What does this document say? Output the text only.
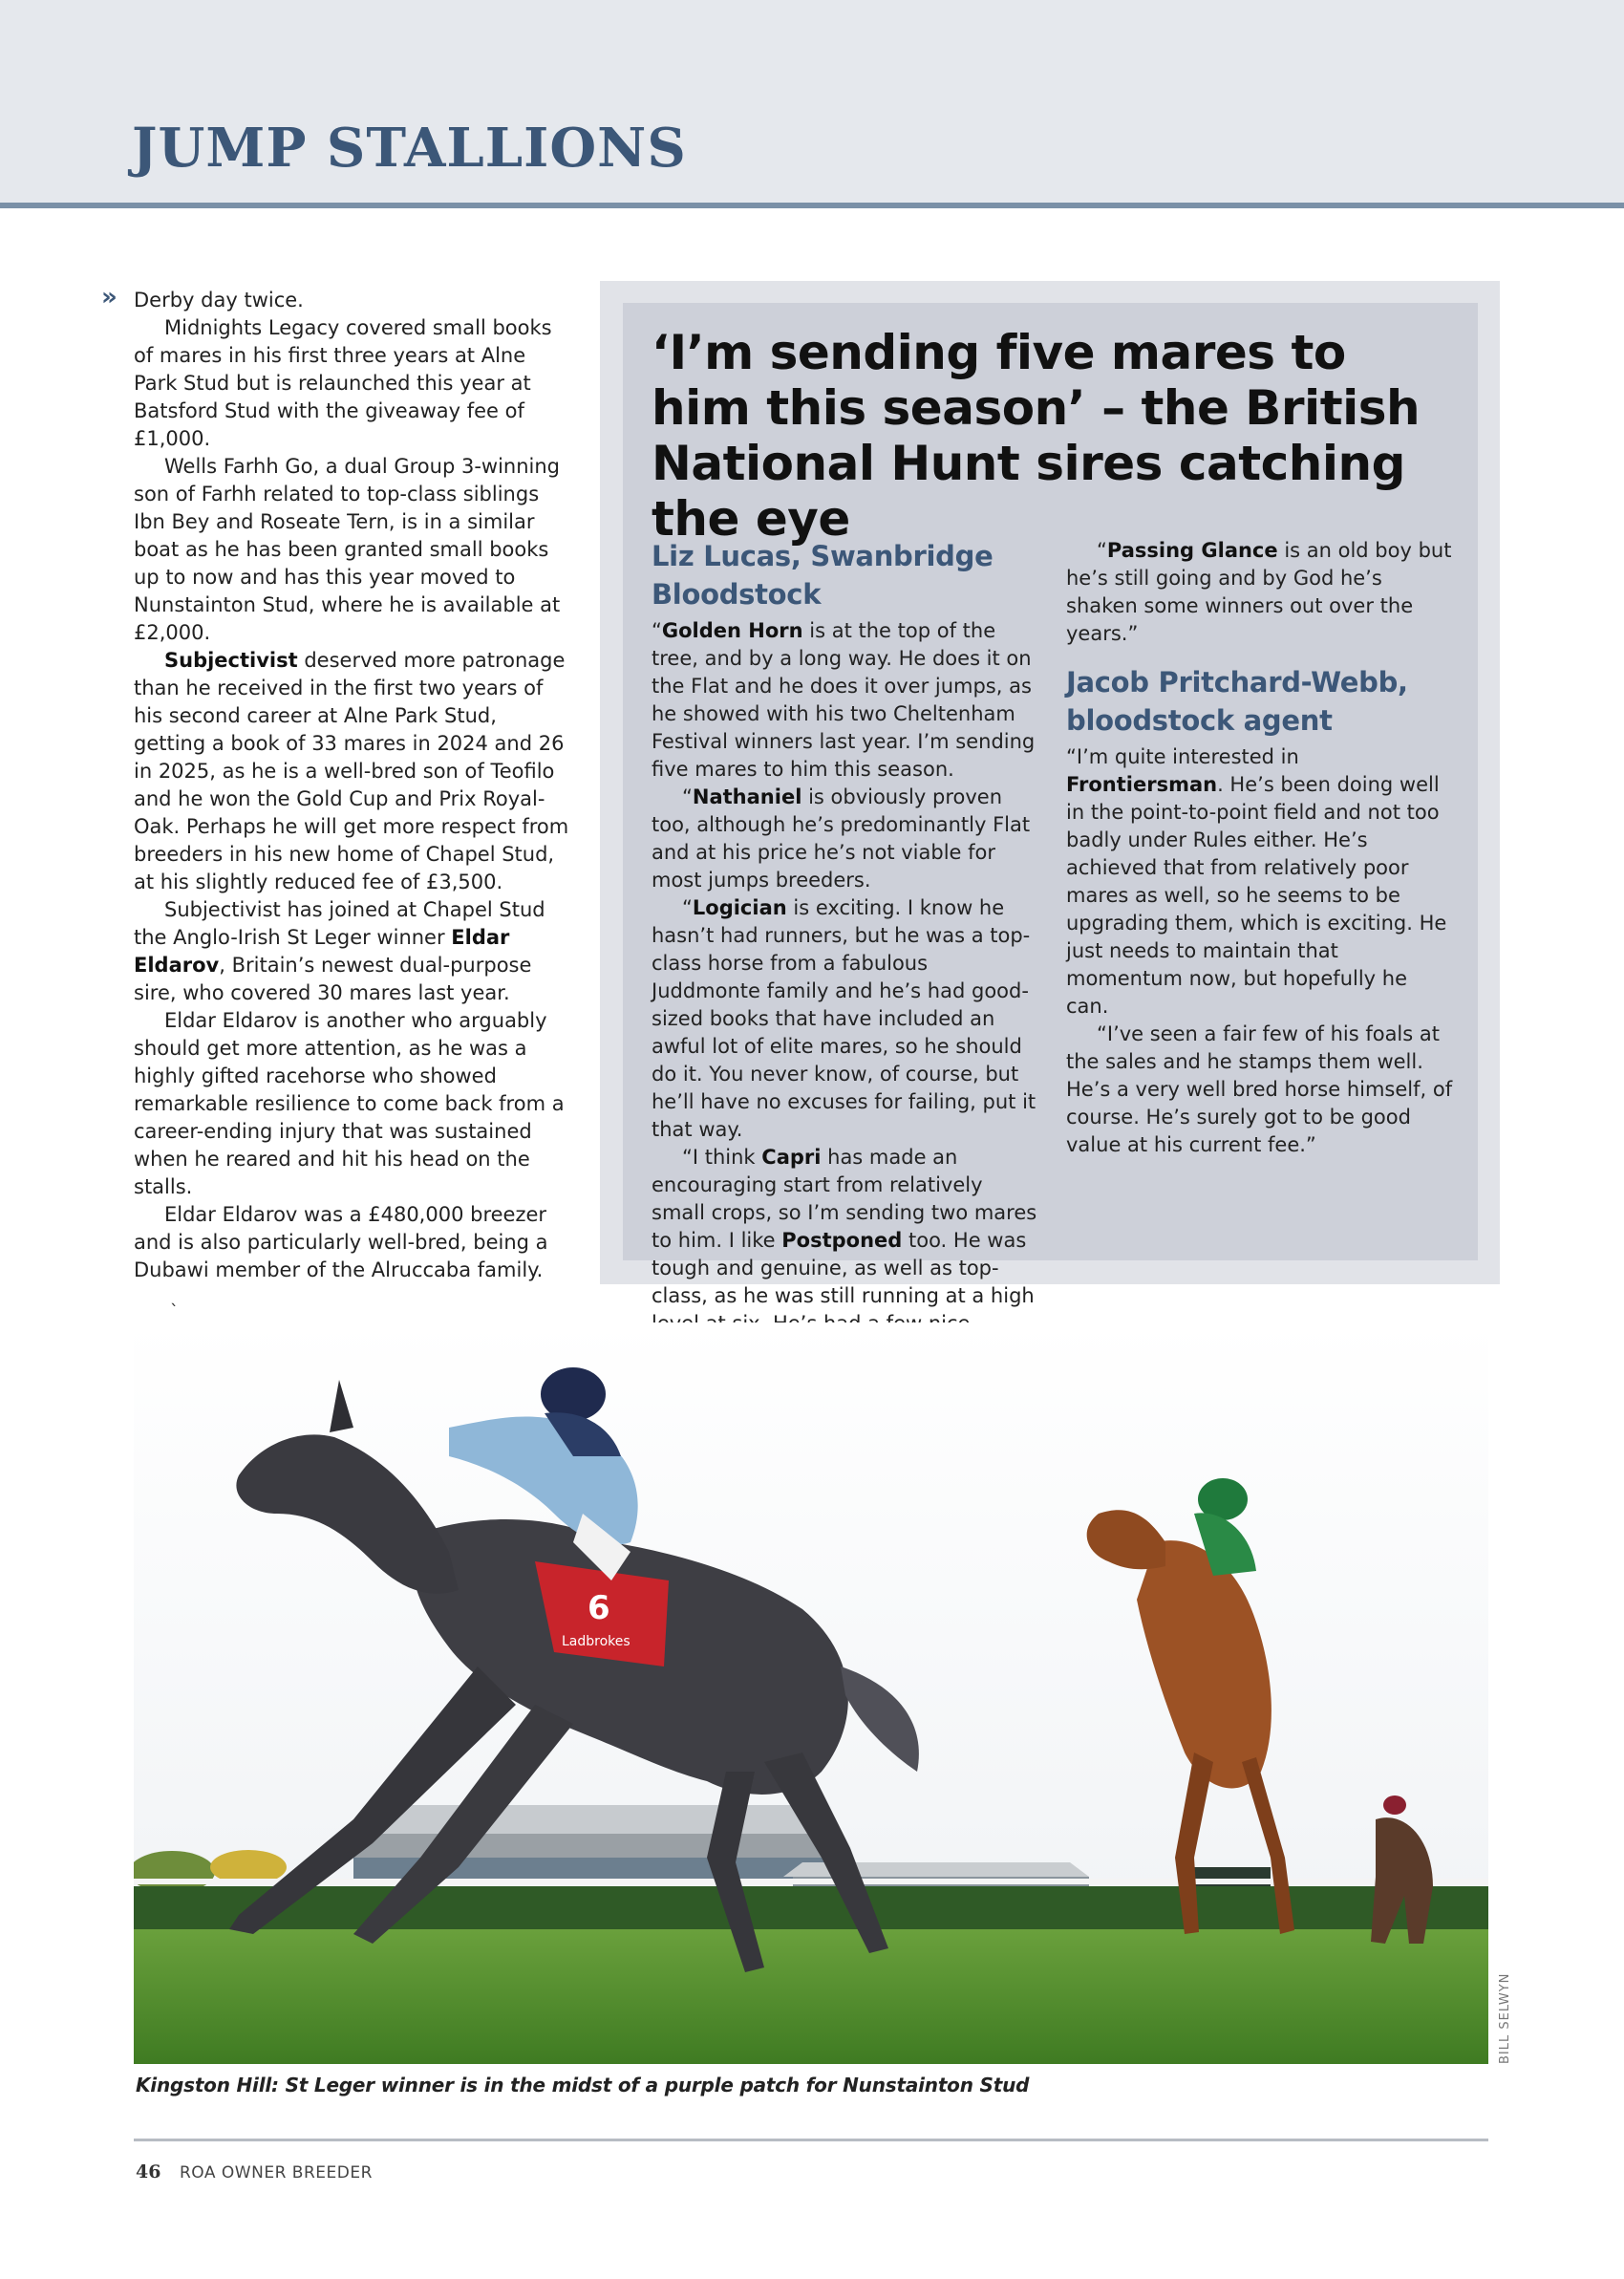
JUMP STALLIONS
» Derby day twice.

Midnights Legacy covered small books of mares in his first three years at Alne Park Stud but is relaunched this year at Batsford Stud with the giveaway fee of £1,000.

Wells Farhh Go, a dual Group 3-winning son of Farhh related to top-class siblings Ibn Bey and Roseate Tern, is in a similar boat as he has been granted small books up to now and has this year moved to Nunstainton Stud, where he is available at £2,000.

Subjectivist deserved more patronage than he received in the first two years of his second career at Alne Park Stud, getting a book of 33 mares in 2024 and 26 in 2025, as he is a well-bred son of Teofilo and he won the Gold Cup and Prix Royal-Oak. Perhaps he will get more respect from breeders in his new home of Chapel Stud, at his slightly reduced fee of £3,500.

Subjectivist has joined at Chapel Stud the Anglo-Irish St Leger winner Eldar Eldarov, Britain’s newest dual-purpose sire, who covered 30 mares last year.

Eldar Eldarov is another who arguably should get more attention, as he was a highly gifted racehorse who showed remarkable resilience to come back from a career-ending injury that was sustained when he reared and hit his head on the stalls.

Eldar Eldarov was a £480,000 breezer and is also particularly well-bred, being a Dubawi member of the Alruccaba family.

`
‘I’m sending five mares to him this season’ – the British National Hunt sires catching the eye
Liz Lucas, Swanbridge Bloodstock

“Golden Horn is at the top of the tree, and by a long way. He does it on the Flat and he does it over jumps, as he showed with his two Cheltenham Festival winners last year. I’m sending five mares to him this season.

“Nathaniel is obviously proven too, although he’s predominantly Flat and at his price he’s not viable for most jumps breeders.

“Logician is exciting. I know he hasn’t had runners, but he was a top-class horse from a fabulous Juddmonte family and he’s had good-sized books that have included an awful lot of elite mares, so he should do it. You never know, of course, but he’ll have no excuses for failing, put it that way.

“I think Capri has made an encouraging start from relatively small crops, so I’m sending two mares to him. I like Postponed too. He was tough and genuine, as well as top-class, as he was still running at a high

“Passing Glance is an old boy but he’s still going and by God he’s shaken some winners out over the years.”

Jacob Pritchard-Webb, bloodstock agent

“I’m quite interested in Frontiersman. He’s been doing well in the point-to-point field and not too badly under Rules either. He’s achieved that from relatively poor mares as well, so he seems to be upgrading them, which is exciting. He just needs to maintain that momentum now, but hopefully he can.

“I’ve seen a fair few of his foals at the sales and he stamps them well. He’s a very well bred horse himself, of course. He’s surely got to be good value at his current fee.”

6
Ladbrokes
BILL SELWYN
Kingston Hill: St Leger winner is in the midst of a purple patch for Nunstainton Stud
46 ROA OWNER BREEDER
